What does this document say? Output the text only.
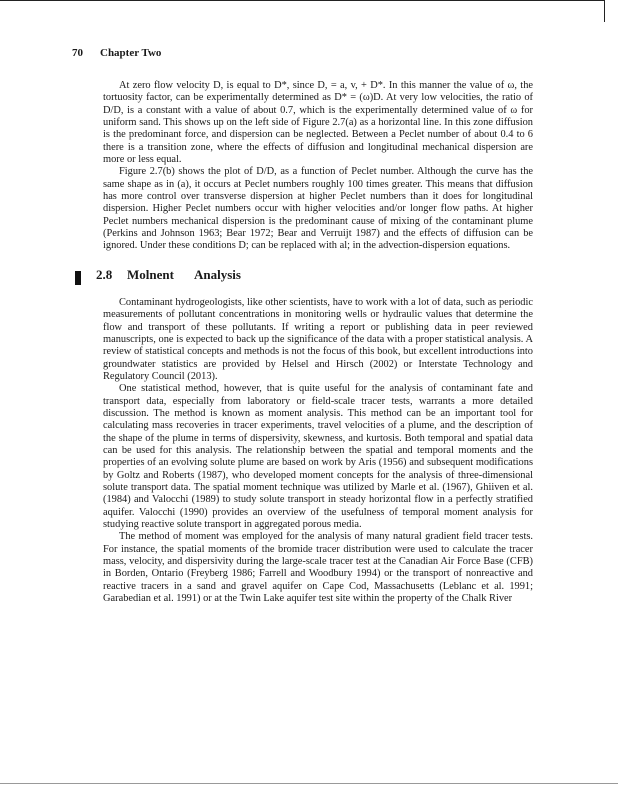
70 Chapter Two

At zero flow velocity D, is equal to D*, since D, = a, v, + D*. In this manner the value of ω, the tortuosity factor, can be experimentally determined as D* = (ω)D. At very low velocities, the ratio of D/D, is a constant with a value of about 0.7, which is the experimentally determined value of ω for uniform sand. This shows up on the left side of Figure 2.7(a) as a horizontal line. In this zone diffusion is the predominant force, and dispersion can be neglected. Between a Peclet number of about 0.4 to 6 there is a transition zone, where the effects of diffusion and longitudinal mechanical dispersion are more or less equal.

Figure 2.7(b) shows the plot of D/D, as a function of Peclet number. Although the curve has the same shape as in (a), it occurs at Peclet numbers roughly 100 times greater. This means that diffusion has more control over transverse dispersion at higher Peclet numbers than it does for longitudinal dispersion. Higher Peclet numbers occur with higher velocities and/or longer flow paths. At higher Peclet numbers mechanical dispersion is the predominant cause of mixing of the contaminant plume (Perkins and Johnson 1963; Bear 1972; Bear and Verruijt 1987) and the effects of diffusion can be ignored. Under these conditions D; can be replaced with al; in the advection-dispersion equations.

2.8 Molnent Analysis

Contaminant hydrogeologists, like other scientists, have to work with a lot of data, such as periodic measurements of pollutant concentrations in monitoring wells or hydraulic values that determine the flow and transport of these pollutants. If writing a report or publishing data in peer reviewed manuscripts, one is expected to back up the significance of the data with a proper statistical analysis. A review of statistical concepts and methods is not the focus of this book, but excellent introductions into groundwater statistics are provided by Helsel and Hirsch (2002) or Interstate Technology and Regulatory Council (2013).

One statistical method, however, that is quite useful for the analysis of contaminant fate and transport data, especially from laboratory or field-scale tracer tests, warrants a more detailed discussion. The method is known as moment analysis. This method can be an important tool for calculating mass recoveries in tracer experiments, travel velocities of a plume, and the description of the shape of the plume in terms of dispersivity, skewness, and kurtosis. Both temporal and spatial data can be used for this analysis. The relationship between the spatial and temporal moments and the properties of an evolving solute plume are based on work by Aris (1956) and subsequent modifications by Goltz and Roberts (1987), who developed moment concepts for the analysis of three-dimensional solute transport data. The spatial moment technique was utilized by Marle et al. (1967), Ghiiven et al. (1984) and Valocchi (1989) to study solute transport in steady horizontal flow in a perfectly stratified aquifer. Valocchi (1990) provides an overview of the usefulness of temporal moment analysis for studying reactive solute transport in aggregated porous media.

The method of moment was employed for the analysis of many natural gradient field tracer tests. For instance, the spatial moments of the bromide tracer distribution were used to calculate the tracer mass, velocity, and dispersivity during the large-scale tracer test at the Canadian Air Force Base (CFB) in Borden, Ontario (Freyberg 1986; Farrell and Woodbury 1994) or the transport of nonreactive and reactive tracers in a sand and gravel aquifer on Cape Cod, Massachusetts (Leblanc et al. 1991; Garabedian et al. 1991) or at the Twin Lake aquifer test site within the property of the Chalk River
